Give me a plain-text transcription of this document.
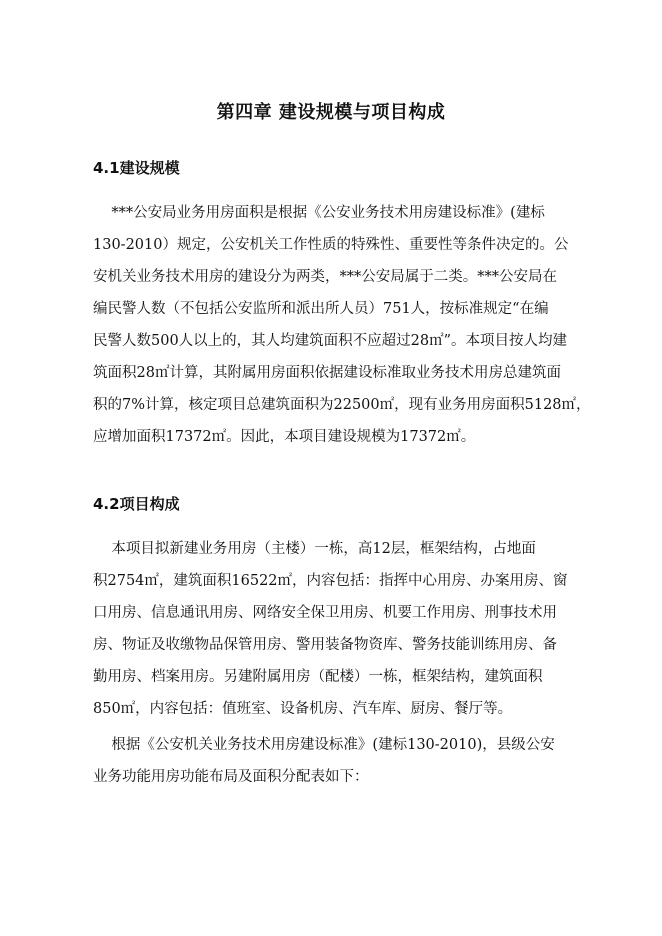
第四章 建设规模与项目构成
4.1建设规模
***公安局业务用房面积是根据《公安业务技术用房建设标准》(建标
130-2010）规定，公安机关工作性质的特殊性、重要性等条件决定的。公
安机关业务技术用房的建设分为两类，***公安局属于二类。***公安局在
编民警人数（不包括公安监所和派出所人员）751人，按标准规定“在编
民警人数500人以上的，其人均建筑面积不应超过28㎡”。本项目按人均建
筑面积28㎡计算，其附属用房面积依据建设标准取业务技术用房总建筑面
积的7%计算，核定项目总建筑面积为22500㎡，现有业务用房面积5128㎡，
应增加面积17372㎡。因此，本项目建设规模为17372㎡。
4.2项目构成
本项目拟新建业务用房（主楼）一栋，高12层，框架结构，占地面
积2754㎡，建筑面积16522㎡，内容包括：指挥中心用房、办案用房、窗
口用房、信息通讯用房、网络安全保卫用房、机要工作用房、刑事技术用
房、物证及收缴物品保管用房、警用装备物资库、警务技能训练用房、备
勤用房、档案用房。另建附属用房（配楼）一栋，框架结构，建筑面积
850㎡，内容包括：值班室、设备机房、汽车库、厨房、餐厅等。
根据《公安机关业务技术用房建设标准》(建标130-2010)，县级公安
业务功能用房功能布局及面积分配表如下：
